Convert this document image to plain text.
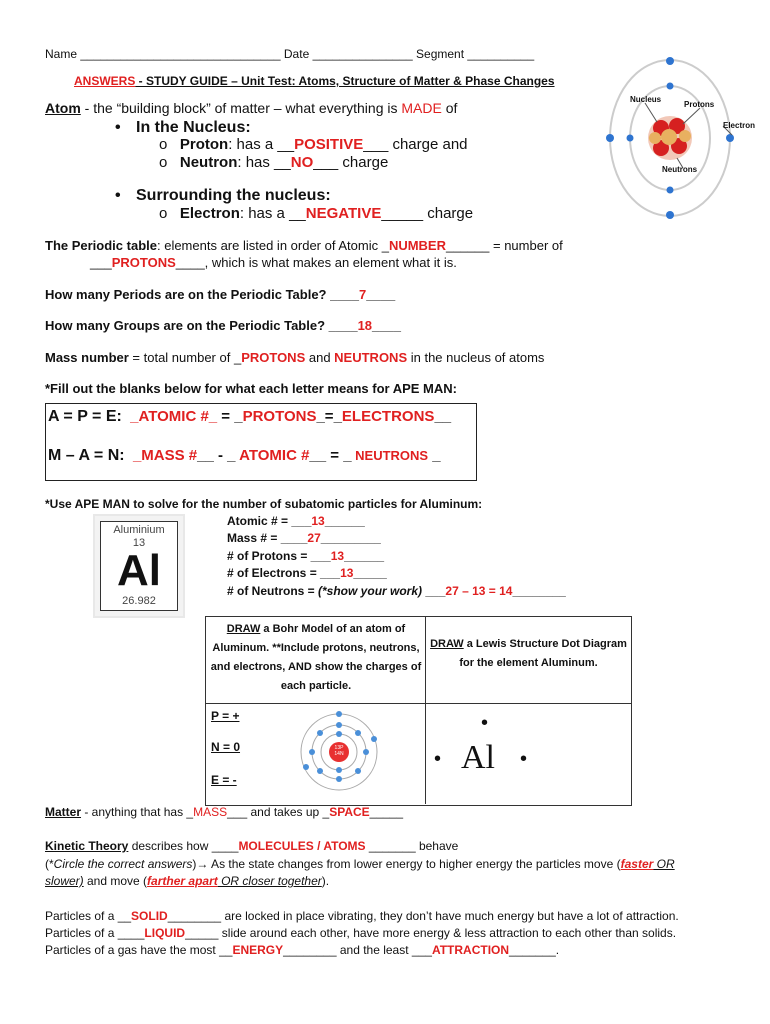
Name ______________________________ Date _______________ Segment __________
ANSWERS - STUDY GUIDE – Unit Test: Atoms, Structure of Matter & Phase Changes
Nucleus
Protons
Electron
Neutrons
Atom - the “building block” of matter – what everything is MADE of
• In the Nucleus:
o   Proton: has a __POSITIVE___ charge and
o   Neutron: has __NO___ charge
• Surrounding the nucleus:
o   Electron: has a __NEGATIVE_____ charge
The Periodic table: elements are listed in order of Atomic _NUMBER______ = number of
___PROTONS____, which is what makes an element what it is.
How many Periods are on the Periodic Table? ____7____
How many Groups are on the Periodic Table? ____18____
Mass number = total number of _PROTONS and NEUTRONS in the nucleus of atoms
*Fill out the blanks below for what each letter means for APE MAN:
A = P = E: _ATOMIC #_ = _PROTONS_=_ELECTRONS__
M – A = N: _MASS #__ - _ ATOMIC #__ = _ NEUTRONS _
*Use APE MAN to solve for the number of subatomic particles for Aluminum:
Aluminium
13
Al
26.982
Atomic # = ___13______
Mass # = ____27_________
# of Protons = ___13______
# of Electrons = ___13_____
# of Neutrons = (*show your work) ___27 – 13 = 14________
DRAW a Bohr Model of an atom of Aluminum. **Include protons, neutrons, and electrons, AND show the charges of each particle.
DRAW a Lewis Structure Dot Diagram for the element Aluminum.
P = +
N = 0
E = -
13P
14N
•
•	•
Al
Matter - anything that has _MASS___ and takes up _SPACE_____
Kinetic Theory describes how ____MOLECULES / ATOMS _______ behave
(*Circle the correct answers)→ As the state changes from lower energy to higher energy the particles move (faster OR
slower) and move (farther apart OR closer together).
Particles of a __SOLID________ are locked in place vibrating, they don’t have much energy but have a lot of attraction.
Particles of a ____LIQUID_____ slide around each other, have more energy & less attraction to each other than solids.
Particles of a gas have the most __ENERGY________ and the least ___ATTRACTION_______.
